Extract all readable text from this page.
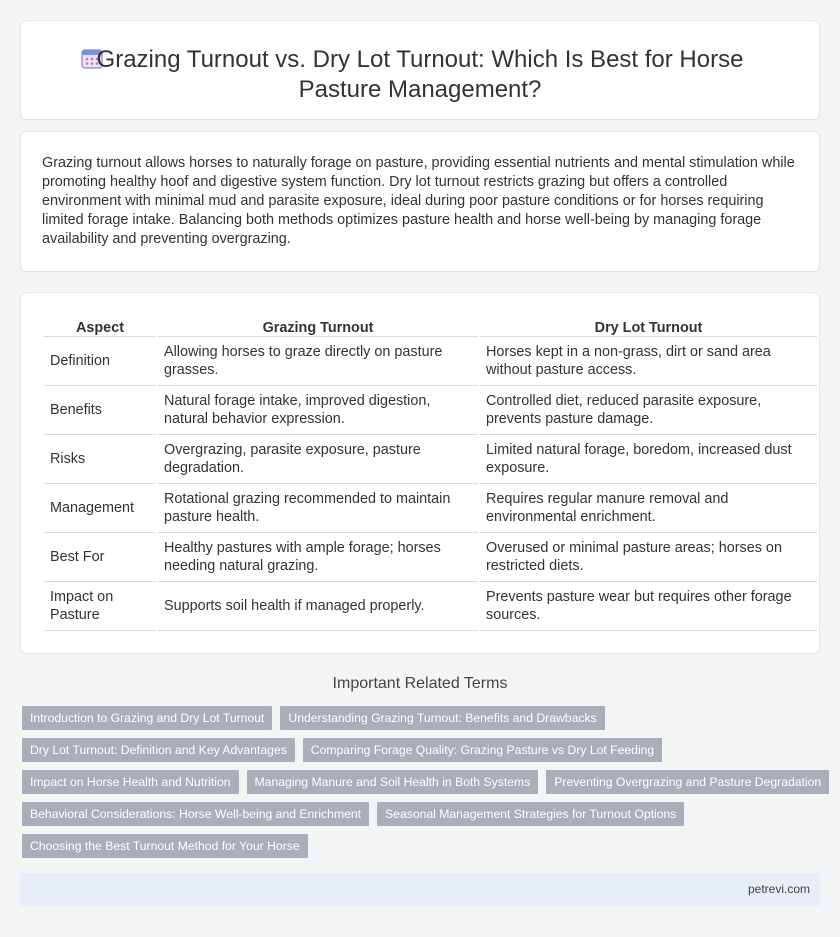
Grazing Turnout vs. Dry Lot Turnout: Which Is Best for Horse Pasture Management?

Grazing turnout allows horses to naturally forage on pasture, providing essential nutrients and mental stimulation while promoting healthy hoof and digestive system function. Dry lot turnout restricts grazing but offers a controlled environment with minimal mud and parasite exposure, ideal during poor pasture conditions or for horses requiring limited forage intake. Balancing both methods optimizes pasture health and horse well-being by managing forage availability and preventing overgrazing.

Aspect	Grazing Turnout	Dry Lot Turnout
Definition	Allowing horses to graze directly on pasture grasses.	Horses kept in a non-grass, dirt or sand area without pasture access.
Benefits	Natural forage intake, improved digestion, natural behavior expression.	Controlled diet, reduced parasite exposure, prevents pasture damage.
Risks	Overgrazing, parasite exposure, pasture degradation.	Limited natural forage, boredom, increased dust exposure.
Management	Rotational grazing recommended to maintain pasture health.	Requires regular manure removal and environmental enrichment.
Best For	Healthy pastures with ample forage; horses needing natural grazing.	Overused or minimal pasture areas; horses on restricted diets.
Impact on Pasture	Supports soil health if managed properly.	Prevents pasture wear but requires other forage sources.
Important Related Terms
Introduction to Grazing and Dry Lot Turnout	Understanding Grazing Turnout: Benefits and Drawbacks
Dry Lot Turnout: Definition and Key Advantages	Comparing Forage Quality: Grazing Pasture vs Dry Lot Feeding
Impact on Horse Health and Nutrition	Managing Manure and Soil Health in Both Systems	Preventing Overgrazing and Pasture Degradation
Behavioral Considerations: Horse Well-being and Enrichment	Seasonal Management Strategies for Turnout Options
Choosing the Best Turnout Method for Your Horse
petrevi.com
